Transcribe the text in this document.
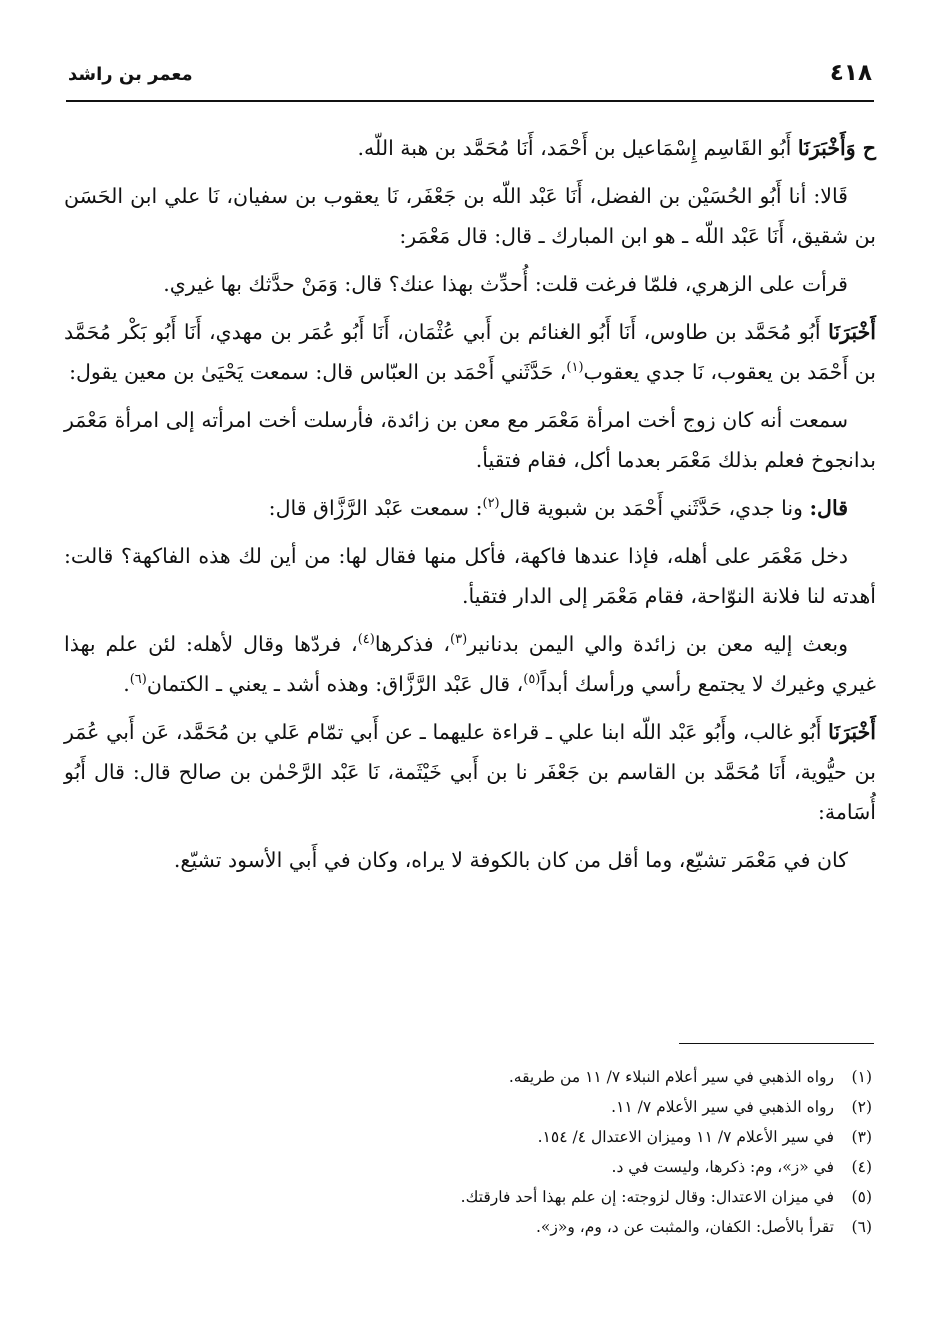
٤١٨
معمر بن راشد

ح وَأَخْبَرَنَا أَبُو القَاسِم إِسْمَاعيل بن أَحْمَد، أَنَا مُحَمَّد بن هبة اللّه.

قَالا: أنا أَبُو الحُسَيْن بن الفضل، أَنَا عَبْد اللّه بن جَعْفَر، نَا يعقوب بن سفيان، نَا علي ابن الحَسَن بن شقيق، أَنَا عَبْد اللّه ـ هو ابن المبارك ـ قال: قال مَعْمَر:

قرأت على الزهري، فلمّا فرغت قلت: أُحدِّث بهذا عنك؟ قال: وَمَنْ حدَّثك بها غيري.

أَخْبَرَنَا أَبُو مُحَمَّد بن طاوس، أَنَا أَبُو الغنائم بن أَبي عُثْمَان، أَنَا أَبُو عُمَر بن مهدي، أَنَا أَبُو بَكْر مُحَمَّد بن أَحْمَد بن يعقوب، نَا جدي يعقوب$^{(١)}$، حَدَّثَني أَحْمَد بن العبّاس قال: سمعت يَحْيَىٰ بن معين يقول:

سمعت أنه كان زوج أخت امرأة مَعْمَر مع معن بن زائدة، فأرسلت أخت امرأته إلى امرأة مَعْمَر بدانجوخ فعلم بذلك مَعْمَر بعدما أكل، فقام فتقيأ.

قال: ونا جدي، حَدَّثَني أَحْمَد بن شبوية قال$^{(٢)}$: سمعت عَبْد الرَّزَّاق قال:

دخل مَعْمَر على أهله، فإذا عندها فاكهة، فأكل منها فقال لها: من أين لك هذه الفاكهة؟ قالت: أهدته لنا فلانة النوّاحة، فقام مَعْمَر إلى الدار فتقيأ.

وبعث إليه معن بن زائدة والي اليمن بدنانير$^{(٣)}$، فذكرها$^{(٤)}$، فردّها وقال لأهله: لئن علم بهذا غيري وغيرك لا يجتمع رأسي ورأسك أبداً$^{(٥)}$، قال عَبْد الرَّزَّاق: وهذه أشد ـ يعني ـ الكتمان$^{(٦)}$.

أَخْبَرَنَا أَبُو غالب، وأَبُو عَبْد اللّه ابنا علي ـ قراءة عليهما ـ عن أَبي تمّام عَلي بن مُحَمَّد، عَن أَبي عُمَر بن حيُّوية، أَنَا مُحَمَّد بن القاسم بن جَعْفَر نا بن أَبي خَيْثَمة، نَا عَبْد الرَّحْمٰن بن صالح قال: قال أَبُو أُسَامة:

كان في مَعْمَر تشيّع، وما أقل من كان بالكوفة لا يراه، وكان في أَبي الأسود تشيّع.

(١)
رواه الذهبي في سير أعلام النبلاء ٧/ ١١ من طريقه.
(٢)
رواه الذهبي في سير الأعلام ٧/ ١١.
(٣)
في سير الأعلام ٧/ ١١ وميزان الاعتدال ٤/ ١٥٤.
(٤)
في «ز»، وم: ذكرها، وليست في د.
(٥)
في ميزان الاعتدال: وقال لزوجته: إن علم بهذا أحد فارقتك.
(٦)
تقرأ بالأصل: الكفان، والمثبت عن د، وم، و«ز».
